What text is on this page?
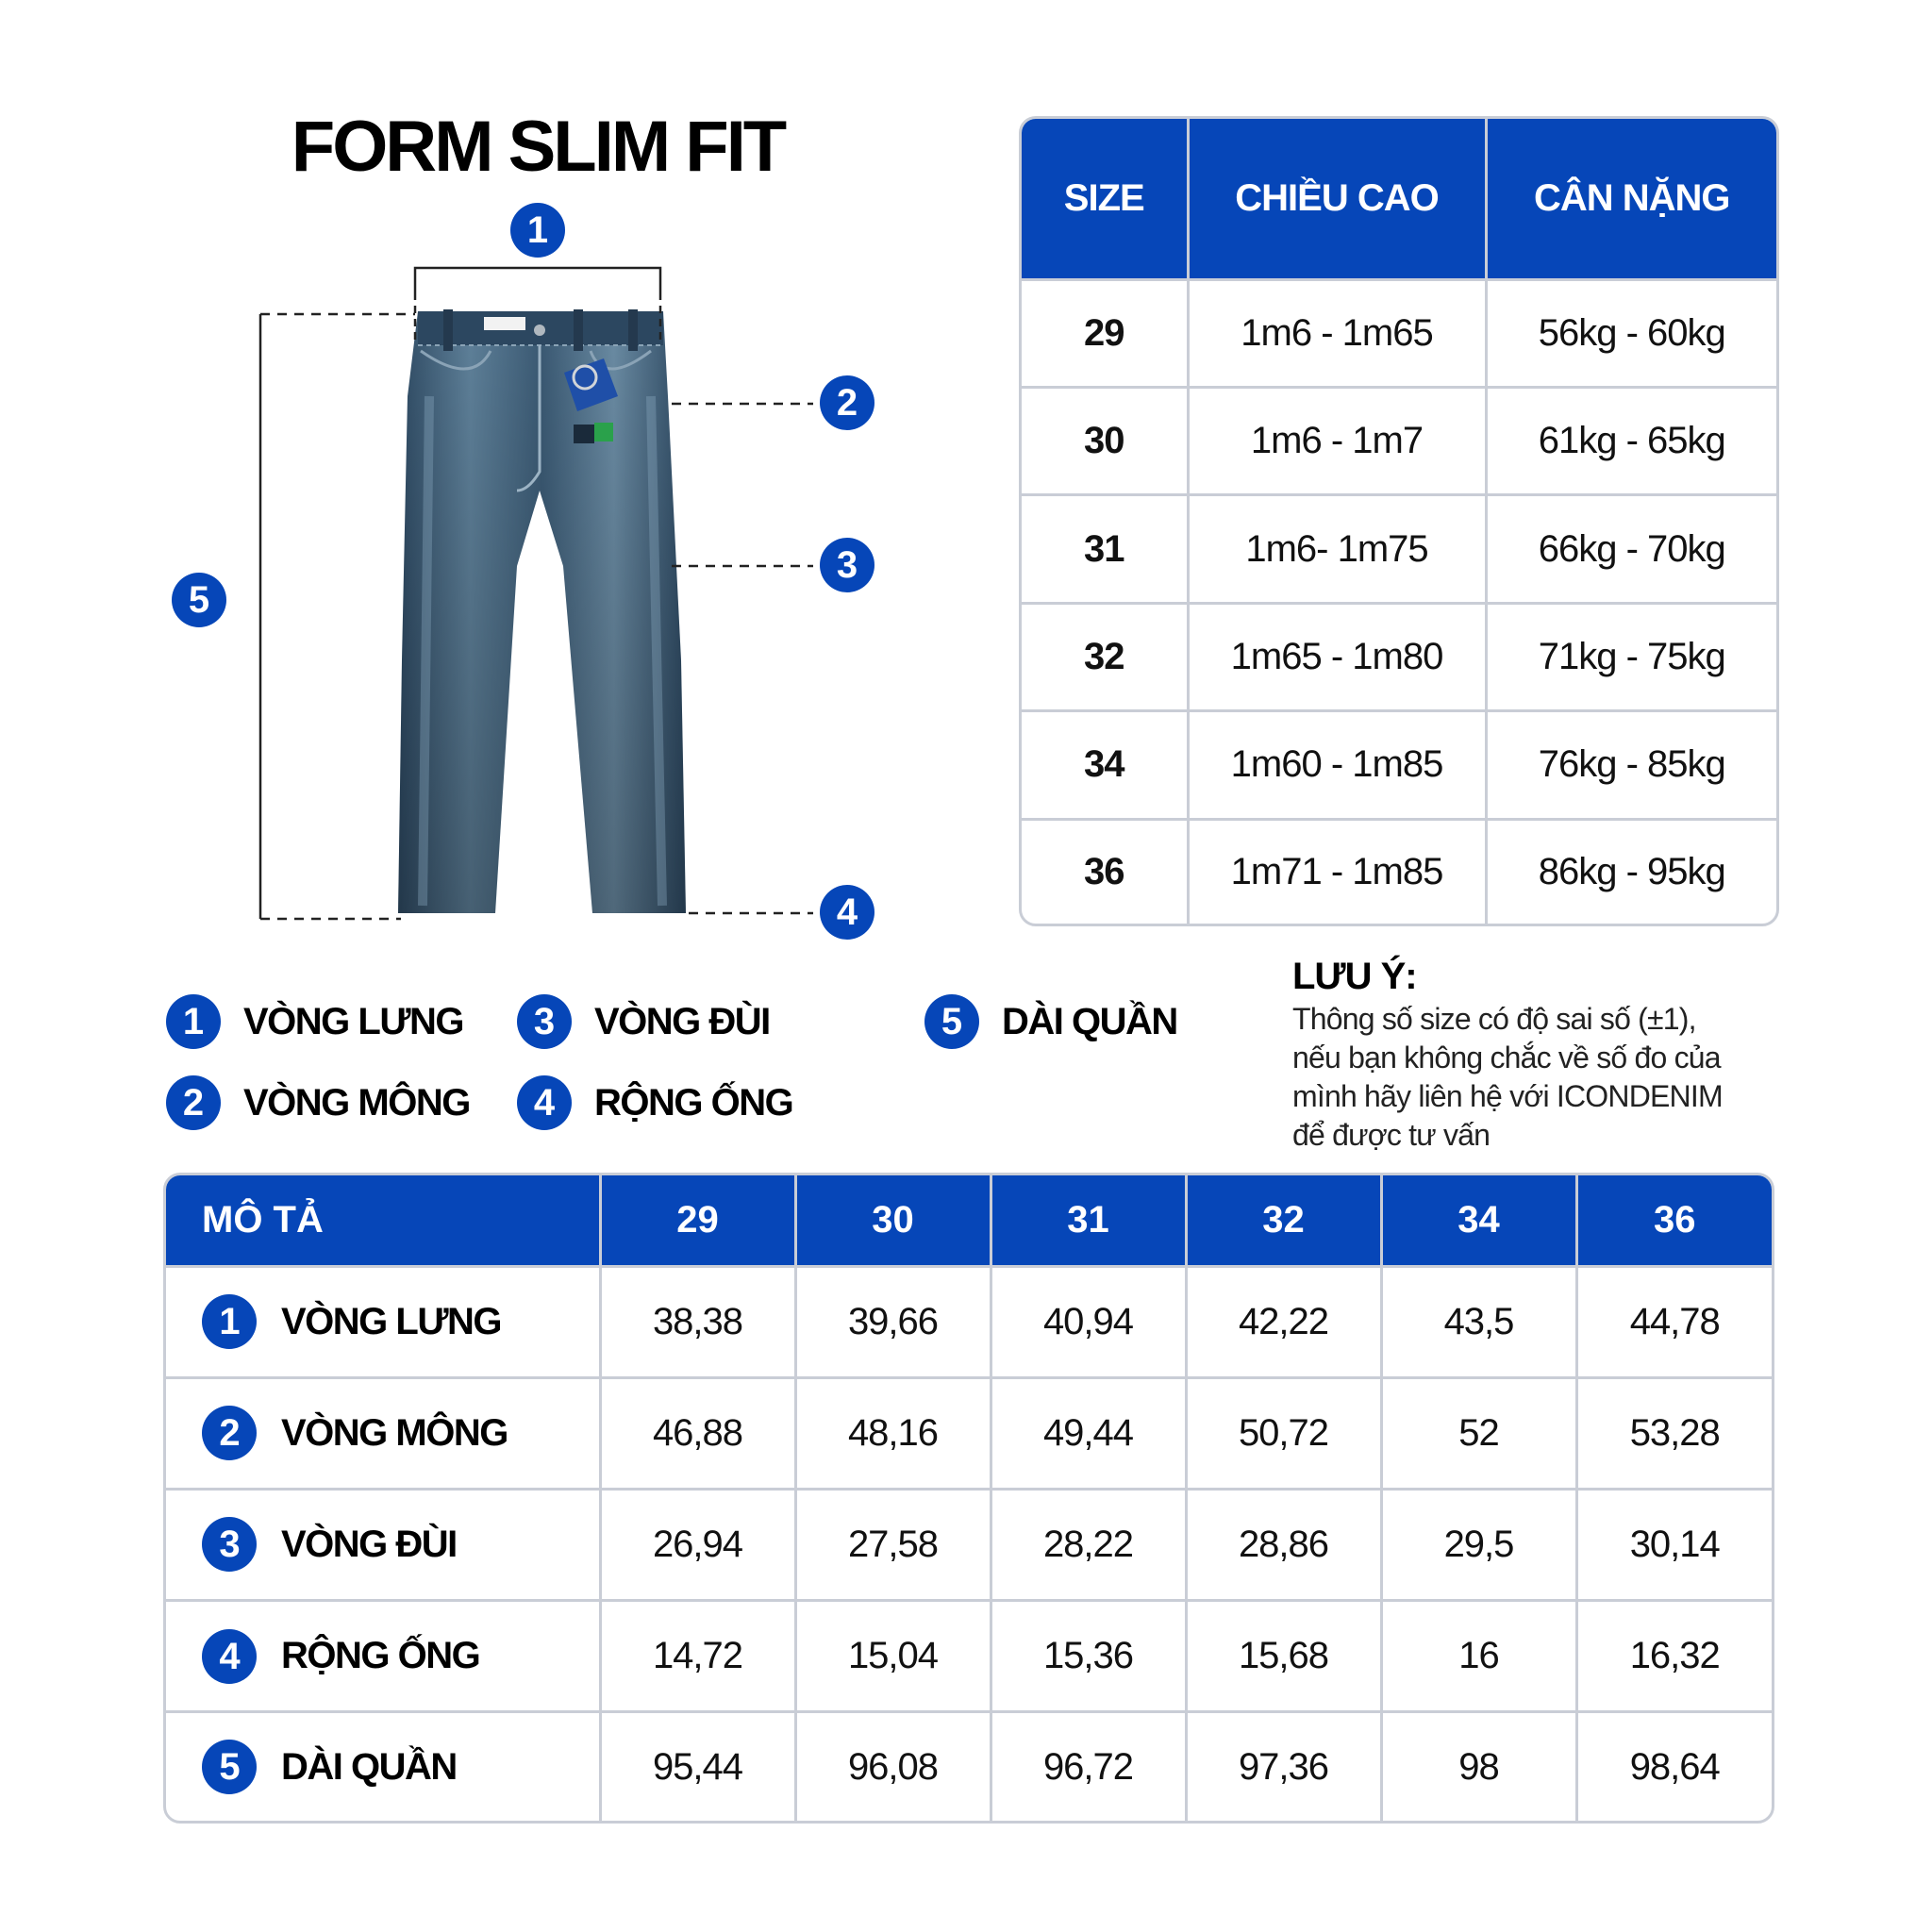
FORM SLIM FIT
1
2
3
4
5
SIZE	CHIỀU CAO	CÂN NẶNG
29	1m6 - 1m65	56kg - 60kg
30	1m6 - 1m7	61kg - 65kg
31	1m6- 1m75	66kg - 70kg
32	1m65 - 1m80	71kg - 75kg
34	1m60 - 1m85	76kg - 85kg
36	1m71 - 1m85	86kg - 95kg
1	VÒNG LƯNG
2	VÒNG MÔNG
3	VÒNG ĐÙI
4	RỘNG ỐNG
5	DÀI QUẦN
LƯU Ý:
Thông số size có độ sai số (±1),
nếu bạn không chắc về số đo của
mình hãy liên hệ với ICONDENIM
để được tư vấn
MÔ TẢ	29	30	31	32	34	36

1 VÒNG LƯNG	38,38	39,66	40,94	42,22	43,5	44,78

2 VÒNG MÔNG	46,88	48,16	49,44	50,72	52	53,28

3 VÒNG ĐÙI	26,94	27,58	28,22	28,86	29,5	30,14

4 RỘNG ỐNG	14,72	15,04	15,36	15,68	16	16,32

5 DÀI QUẦN	95,44	96,08	96,72	97,36	98	98,64
